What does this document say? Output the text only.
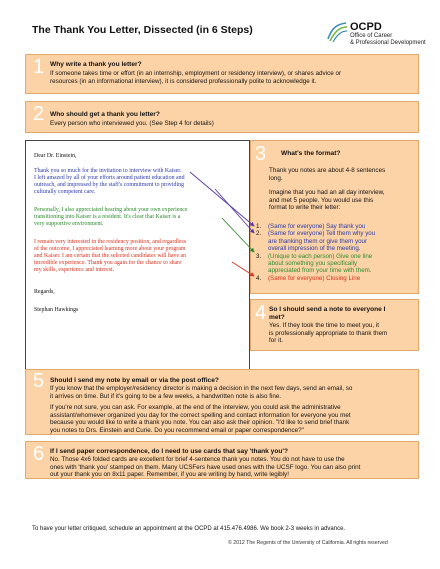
The Thank You Letter, Dissected (in 6 Steps)	OCPD
Office of Career
& Professional Development
1 Why write a thank you letter?
If someone takes time or effort (in an internship, employment or residency interview), or shares advice or
resources (in an informational interview), it is considered professionally polite to acknowledge it.
2 Who should get a thank you letter?
Every person who interviewed you. (See Step 4 for details)
Dear Dr. Einstein,
Thank you so much for the invitation to interview with Kaiser.
I left amazed by all of your efforts around patient education and
outreach, and impressed by the staff's commitment to providing
culturally competent care.
Personally, I also appreciated hearing about your own experience
transitioning into Kaiser is a resident. It's clear that Kaiser is a
very supportive environment.
I remain very interested in the residency position, and regardless
of the outcome, I appreciated learning more about your program
and Kaiser. I am certain that the selected candidates will have an
incredible experience. Thank you again for the chance to share
my skills, experience and interest.
Regards,
Stephan Hawkings
3 What's the format?
Thank you notes are about 4-8 sentences
long.
Imagine that you had an all day interview,
and met 5 people. You would use this
format to write their letter:
1.	(Same for everyone) Say thank you
2.	(Same for everyone) Tell them why you
are thanking them or give them your
overall impression of the meeting.
3.	(Unique to each person) Give one line
about something you specifically
appreciated from your time with them.
4.	(Same for everyone) Closing Line
4 So I should send a note to everyone I
met?
Yes. If they took the time to meet you, it
is professionally appropriate to thank them
for it.
5 Should I send my note by email or via the post office?
If you know that the employer/residency director is making a decision in the next few days, send an email, so
it arrives on time. But if it's going to be a few weeks, a handwritten note is also fine.
If you're not sure, you can ask. For example, at the end of the interview, you could ask the administrative
assistant/whomever organized you day for the correct spelling and contact information for everyone you met
because you would like to write a thank you note. You can also ask their opinion. "I'd like to send brief thank
you notes to Drs. Einstein and Curie. Do you recommend email or paper correspondence?"
6 If I send paper correspondence, do I need to use cards that say 'thank you'?
No. Those 4x6 folded cards are excellent for brief 4-sentence thank you notes. You do not have to use the
ones with 'thank you' stamped on them. Many UCSFers have used ones with the UCSF logo. You can also print
out your thank you on 8x11 paper. Remember, if you are writing by hand, write legibly!
To have your letter critiqued, schedule an appointment at the OCPD at 415.476.4986. We book 2-3 weeks in advance.
© 2012 The Regents of the University of California. All rights reserved
